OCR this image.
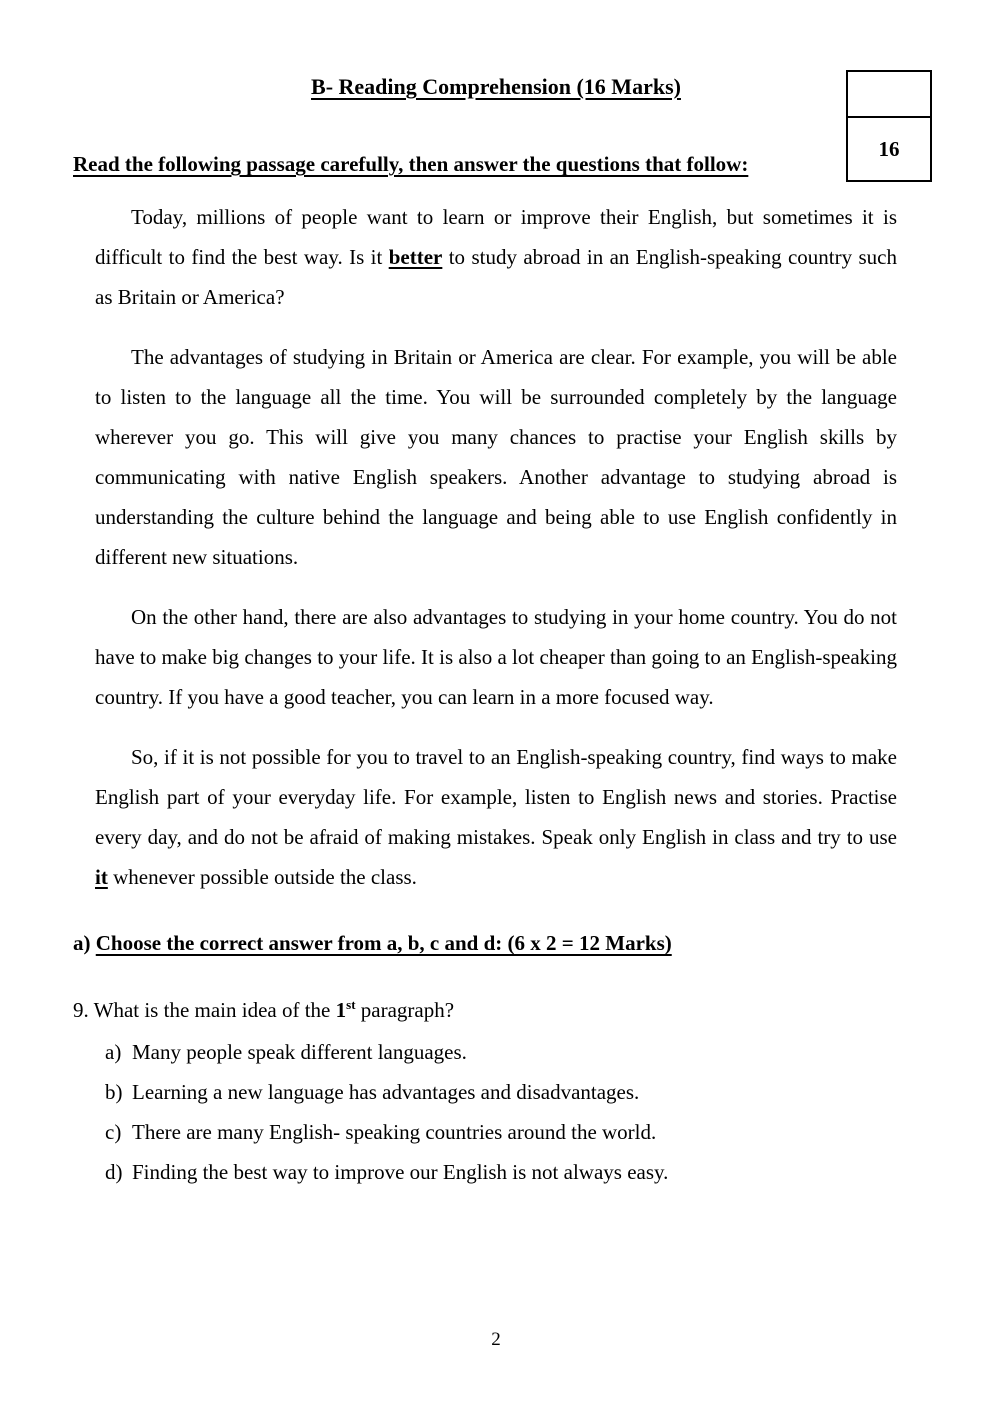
16
B- Reading Comprehension (16 Marks)
Read the following passage carefully, then answer the questions that follow:

Today, millions of people want to learn or improve their English, but sometimes it is difficult to find the best way. Is it better to study abroad in an English-speaking country such as Britain or America?

The advantages of studying in Britain or America are clear. For example, you will be able to listen to the language all the time. You will be surrounded completely by the language wherever you go. This will give you many chances to practise your English skills by communicating with native English speakers. Another advantage to studying abroad is understanding the culture behind the language and being able to use English confidently in different new situations.

On the other hand, there are also advantages to studying in your home country. You do not have to make big changes to your life. It is also a lot cheaper than going to an English-speaking country. If you have a good teacher, you can learn in a more focused way.

So, if it is not possible for you to travel to an English-speaking country, find ways to make English part of your everyday life. For example, listen to English news and stories. Practise every day, and do not be afraid of making mistakes. Speak only English in class and try to use it whenever possible outside the class.

a) Choose the correct answer from a, b, c and d: (6 x 2 = 12 Marks)
9. What is the main idea of the 1st paragraph?
a) Many people speak different languages.
b) Learning a new language has advantages and disadvantages.
c) There are many English- speaking countries around the world.
d) Finding the best way to improve our English is not always easy.
2
